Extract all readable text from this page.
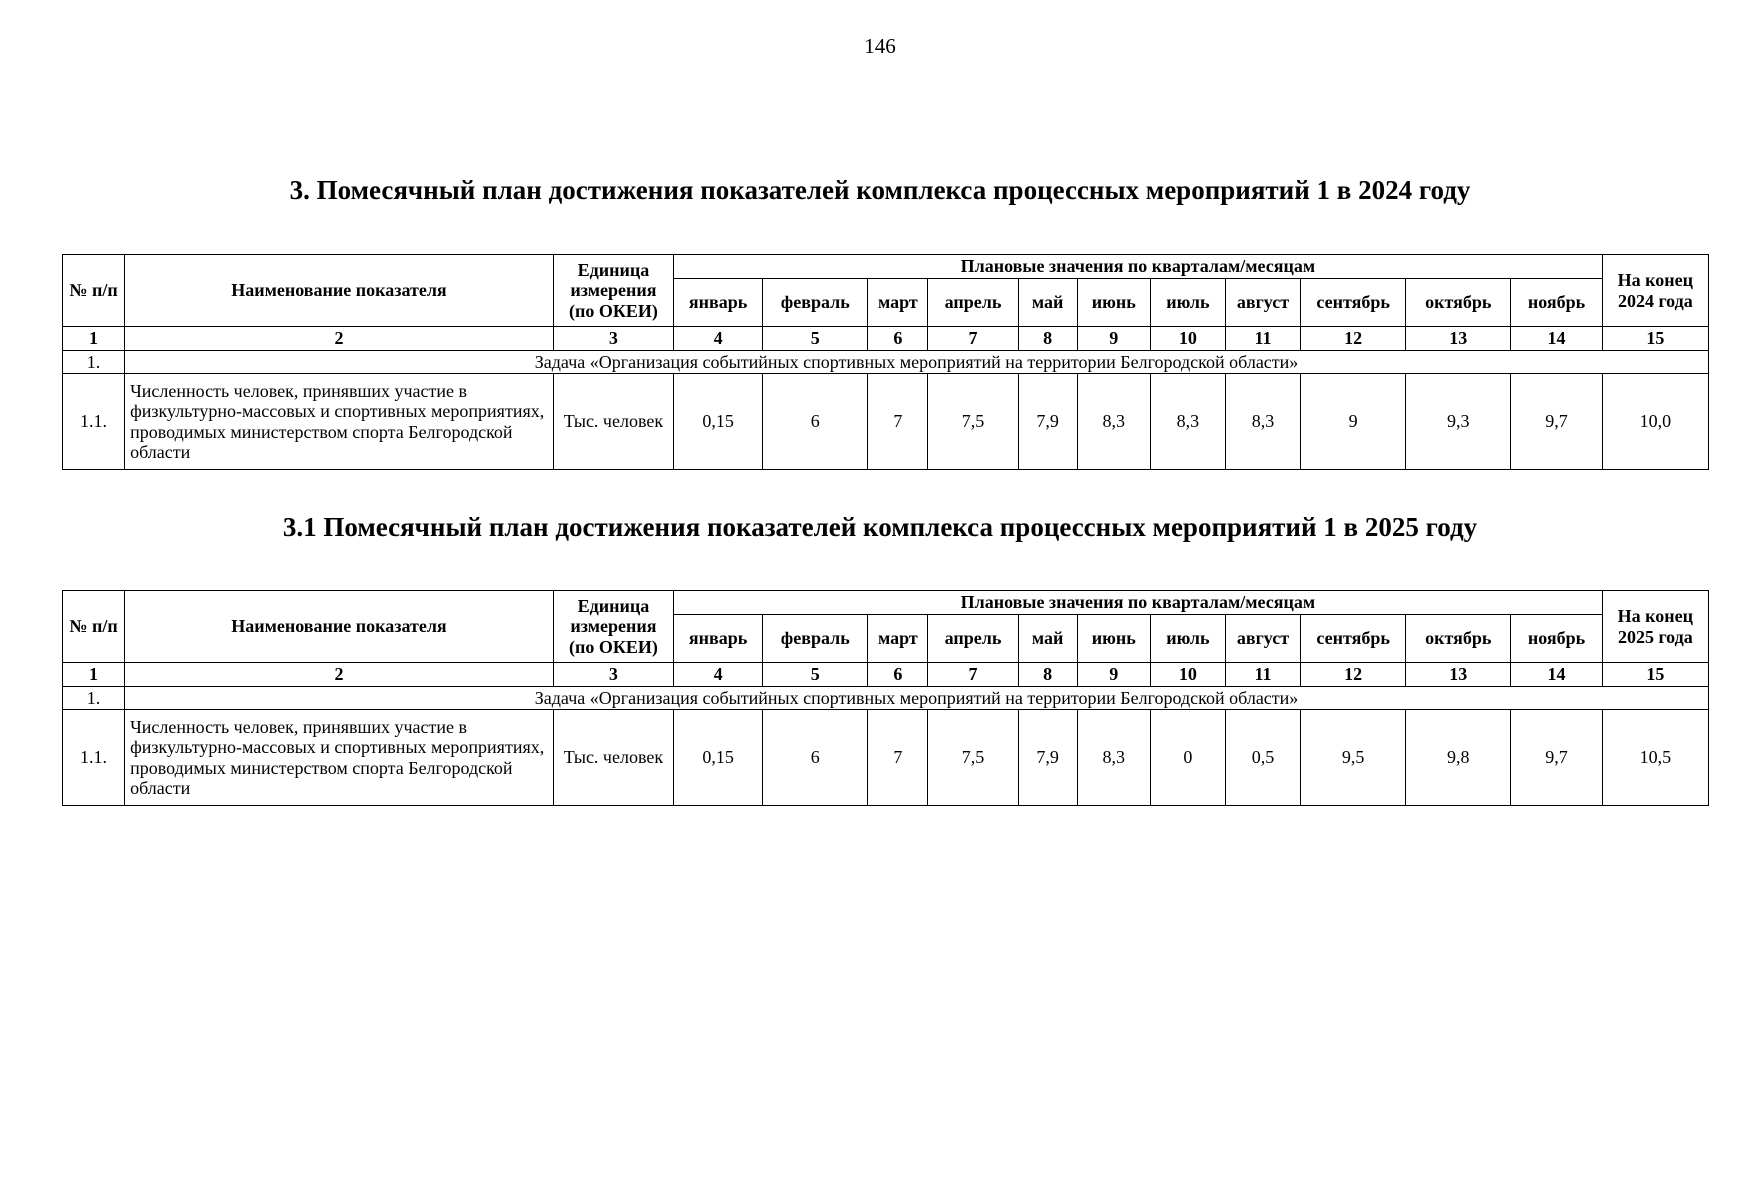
146
3. Помесячный план достижения показателей комплекса процессных мероприятий 1 в 2024 году
№ п/п	Наименование показателя	Единица измерения (по ОКЕИ)	Плановые значения по кварталам/месяцам											На конец 2024 года
			январь	февраль	март	апрель	май	июнь	июль	август	сентябрь	октябрь	ноябрь	
1	2	3	4	5	6	7	8	9	10	11	12	13	14	15
1.	Задача «Организация событийных спортивных мероприятий на территории Белгородской области»													
1.1.	Численность человек, принявших участие в физкультурно-массовых и спортивных мероприятиях, проводимых министерством спорта Белгородской области	Тыс. человек	0,15	6	7	7,5	7,9	8,3	8,3	8,3	9	9,3	9,7	10,0
3.1 Помесячный план достижения показателей комплекса процессных мероприятий 1 в 2025 году
№ п/п	Наименование показателя	Единица измерения (по ОКЕИ)	Плановые значения по кварталам/месяцам											На конец 2025 года
			январь	февраль	март	апрель	май	июнь	июль	август	сентябрь	октябрь	ноябрь	
1	2	3	4	5	6	7	8	9	10	11	12	13	14	15
1.	Задача «Организация событийных спортивных мероприятий на территории Белгородской области»													
1.1.	Численность человек, принявших участие в физкультурно-массовых и спортивных мероприятиях, проводимых министерством спорта Белгородской области	Тыс. человек	0,15	6	7	7,5	7,9	8,3	0	0,5	9,5	9,8	9,7	10,5
